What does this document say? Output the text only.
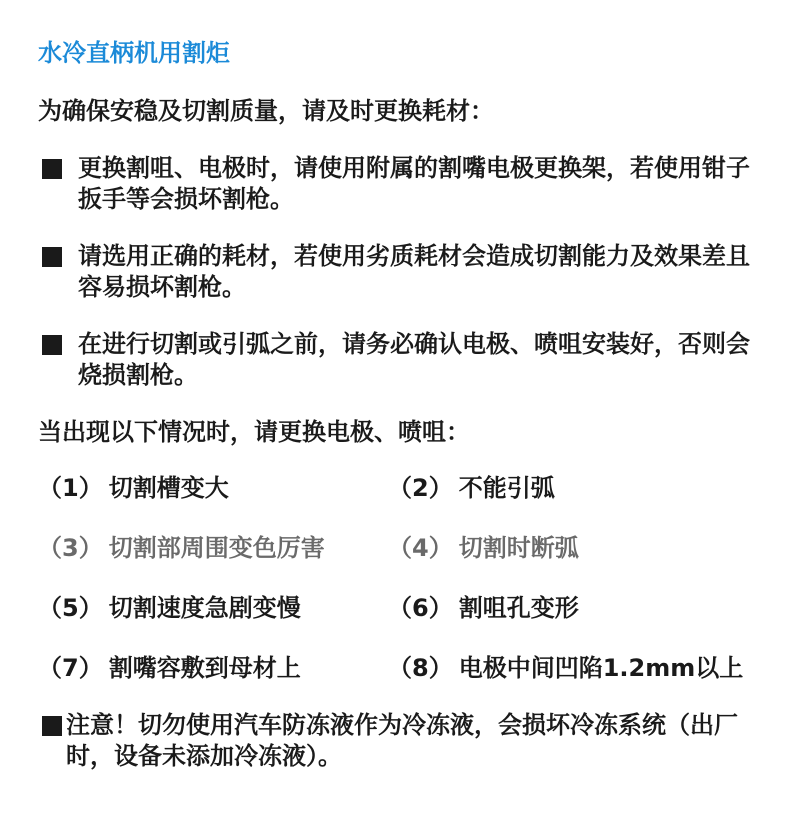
水冷直柄机用割炬
为确保安稳及切割质量，请及时更换耗材：
更换割咀、电极时，请使用附属的割嘴电极更换架，若使用钳子扳手等会损坏割枪。
请选用正确的耗材，若使用劣质耗材会造成切割能力及效果差且容易损坏割枪。
在进行切割或引弧之前，请务必确认电极、喷咀安装好，否则会烧损割枪。
当出现以下情况时，请更换电极、喷咀：
（1） 切割槽变大	（2） 不能引弧
（3） 切割部周围变色厉害	（4） 切割时断弧
（5） 切割速度急剧变慢	（6） 割咀孔变形
（7） 割嘴容敷到母材上	（8） 电极中间凹陷1.2mm以上
注意！切勿使用汽车防冻液作为冷冻液，会损坏冷冻系统（出厂时，设备未添加冷冻液）。
